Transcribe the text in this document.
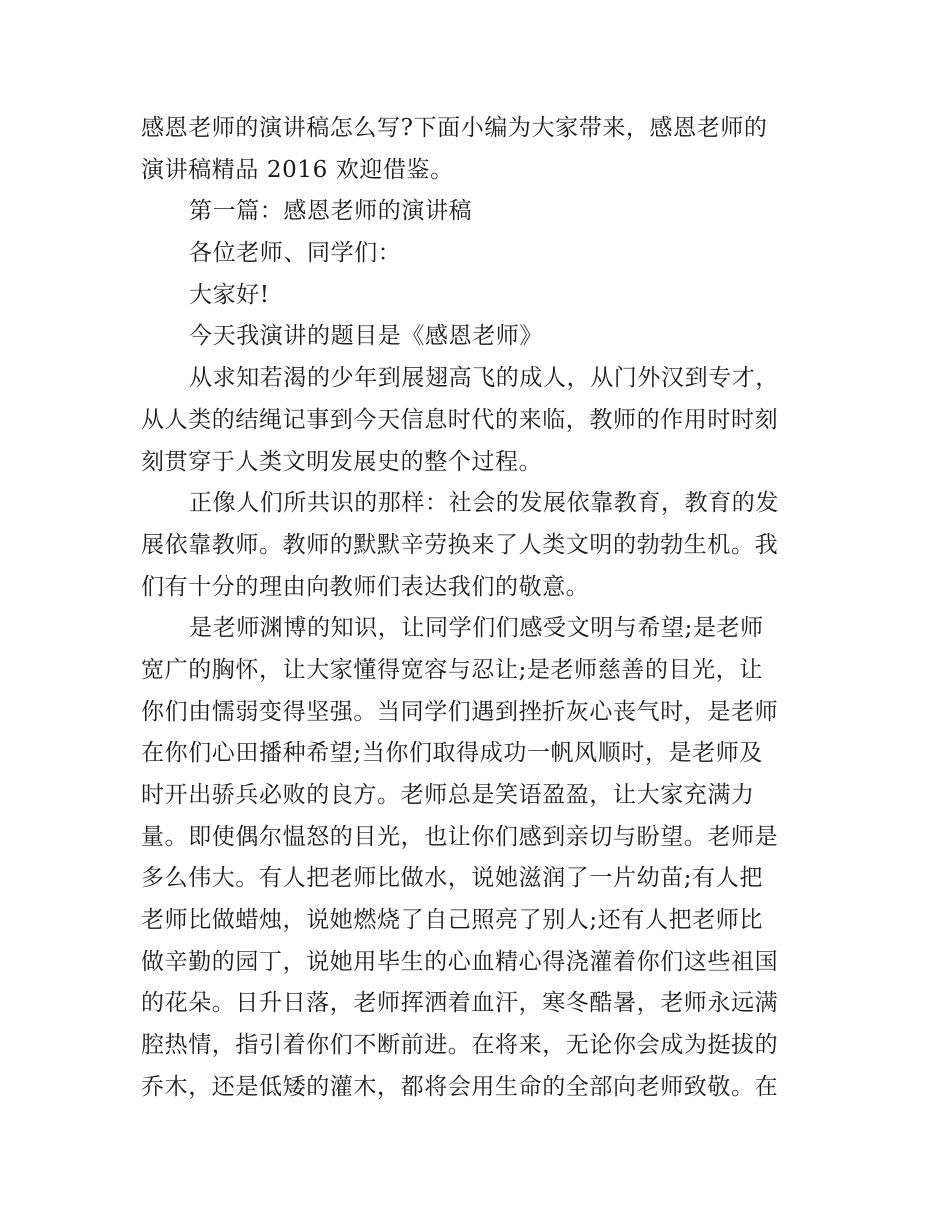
感恩老师的演讲稿怎么写?下面小编为大家带来，感恩老师的
演讲稿精品 2016 欢迎借鉴。
第一篇：感恩老师的演讲稿
各位老师、同学们：
大家好!
今天我演讲的题目是《感恩老师》
从求知若渴的少年到展翅高飞的成人，从门外汉到专才，
从人类的结绳记事到今天信息时代的来临，教师的作用时时刻
刻贯穿于人类文明发展史的整个过程。
正像人们所共识的那样：社会的发展依靠教育，教育的发
展依靠教师。教师的默默辛劳换来了人类文明的勃勃生机。我
们有十分的理由向教师们表达我们的敬意。
是老师渊博的知识，让同学们们感受文明与希望;是老师
宽广的胸怀，让大家懂得宽容与忍让;是老师慈善的目光，让
你们由懦弱变得坚强。当同学们遇到挫折灰心丧气时，是老师
在你们心田播种希望;当你们取得成功一帆风顺时，是老师及
时开出骄兵必败的良方。老师总是笑语盈盈，让大家充满力
量。即使偶尔愠怒的目光，也让你们感到亲切与盼望。老师是
多么伟大。有人把老师比做水，说她滋润了一片幼苗;有人把
老师比做蜡烛，说她燃烧了自己照亮了别人;还有人把老师比
做辛勤的园丁，说她用毕生的心血精心得浇灌着你们这些祖国
的花朵。日升日落，老师挥洒着血汗，寒冬酷暑，老师永远满
腔热情，指引着你们不断前进。在将来，无论你会成为挺拔的
乔木，还是低矮的灌木，都将会用生命的全部向老师致敬。在
